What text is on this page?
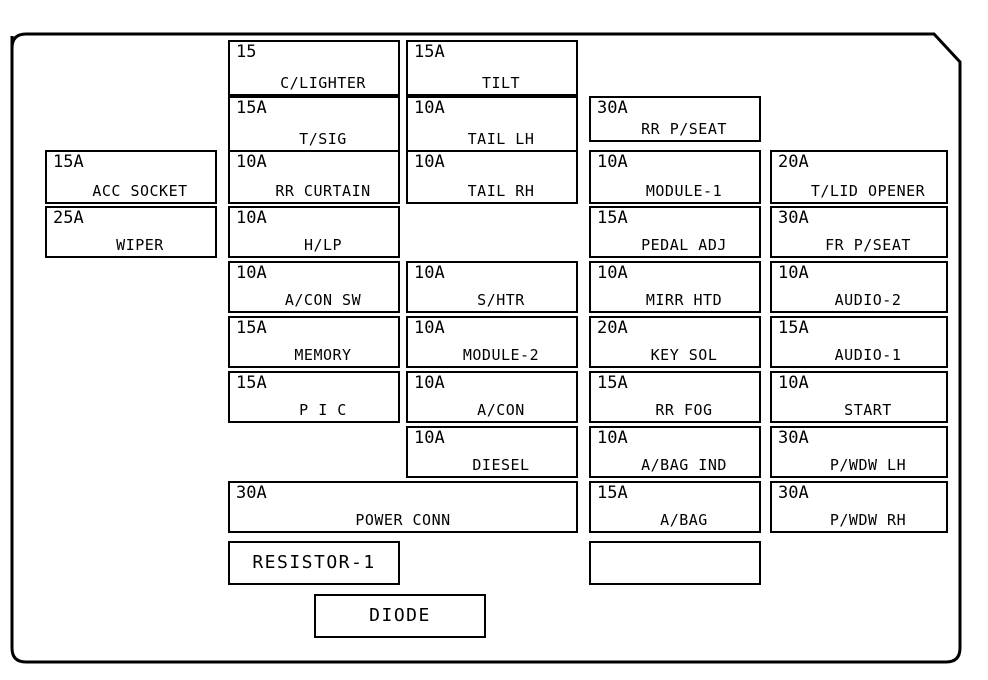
15
C/LIGHTER
15A
TILT
15A
T/SIG
10A
TAIL LH
30A
RR P/SEAT
15A
ACC SOCKET
10A
RR CURTAIN
10A
TAIL RH
10A
MODULE-1
20A
T/LID OPENER
25A
WIPER
10A
H/LP
15A
PEDAL ADJ
30A
FR P/SEAT
10A
A/CON SW
10A
S/HTR
10A
MIRR HTD
10A
AUDIO-2
15A
MEMORY
10A
MODULE-2
20A
KEY SOL
15A
AUDIO-1
15A
P I C
10A
A/CON
15A
RR FOG
10A
START
10A
DIESEL
10A
A/BAG IND
30A
P/WDW LH
30A
POWER CONN
15A
A/BAG
30A
P/WDW RH
RESISTOR-1
DIODE
